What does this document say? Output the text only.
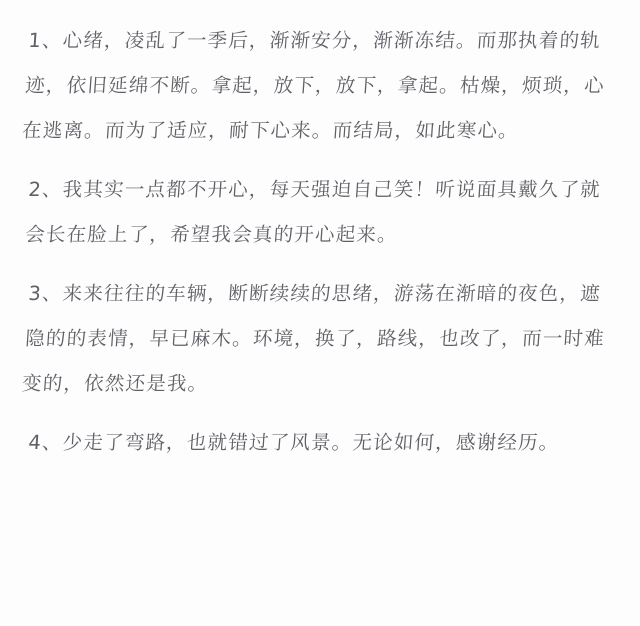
1、心绪，凌乱了一季后，渐渐安分，渐渐冻结。而那执着的轨迹，依旧延绵不断。拿起，放下，放下，拿起。枯燥，烦琐，心在逃离。而为了适应，耐下心来。而结局，如此寒心。

2、我其实一点都不开心，每天强迫自己笑！听说面具戴久了就会长在脸上了，希望我会真的开心起来。

3、来来往往的车辆，断断续续的思绪，游荡在渐暗的夜色，遮隐的的表情，早已麻木。环境，换了，路线，也改了，而一时难变的，依然还是我。

4、少走了弯路，也就错过了风景。无论如何，感谢经历。
